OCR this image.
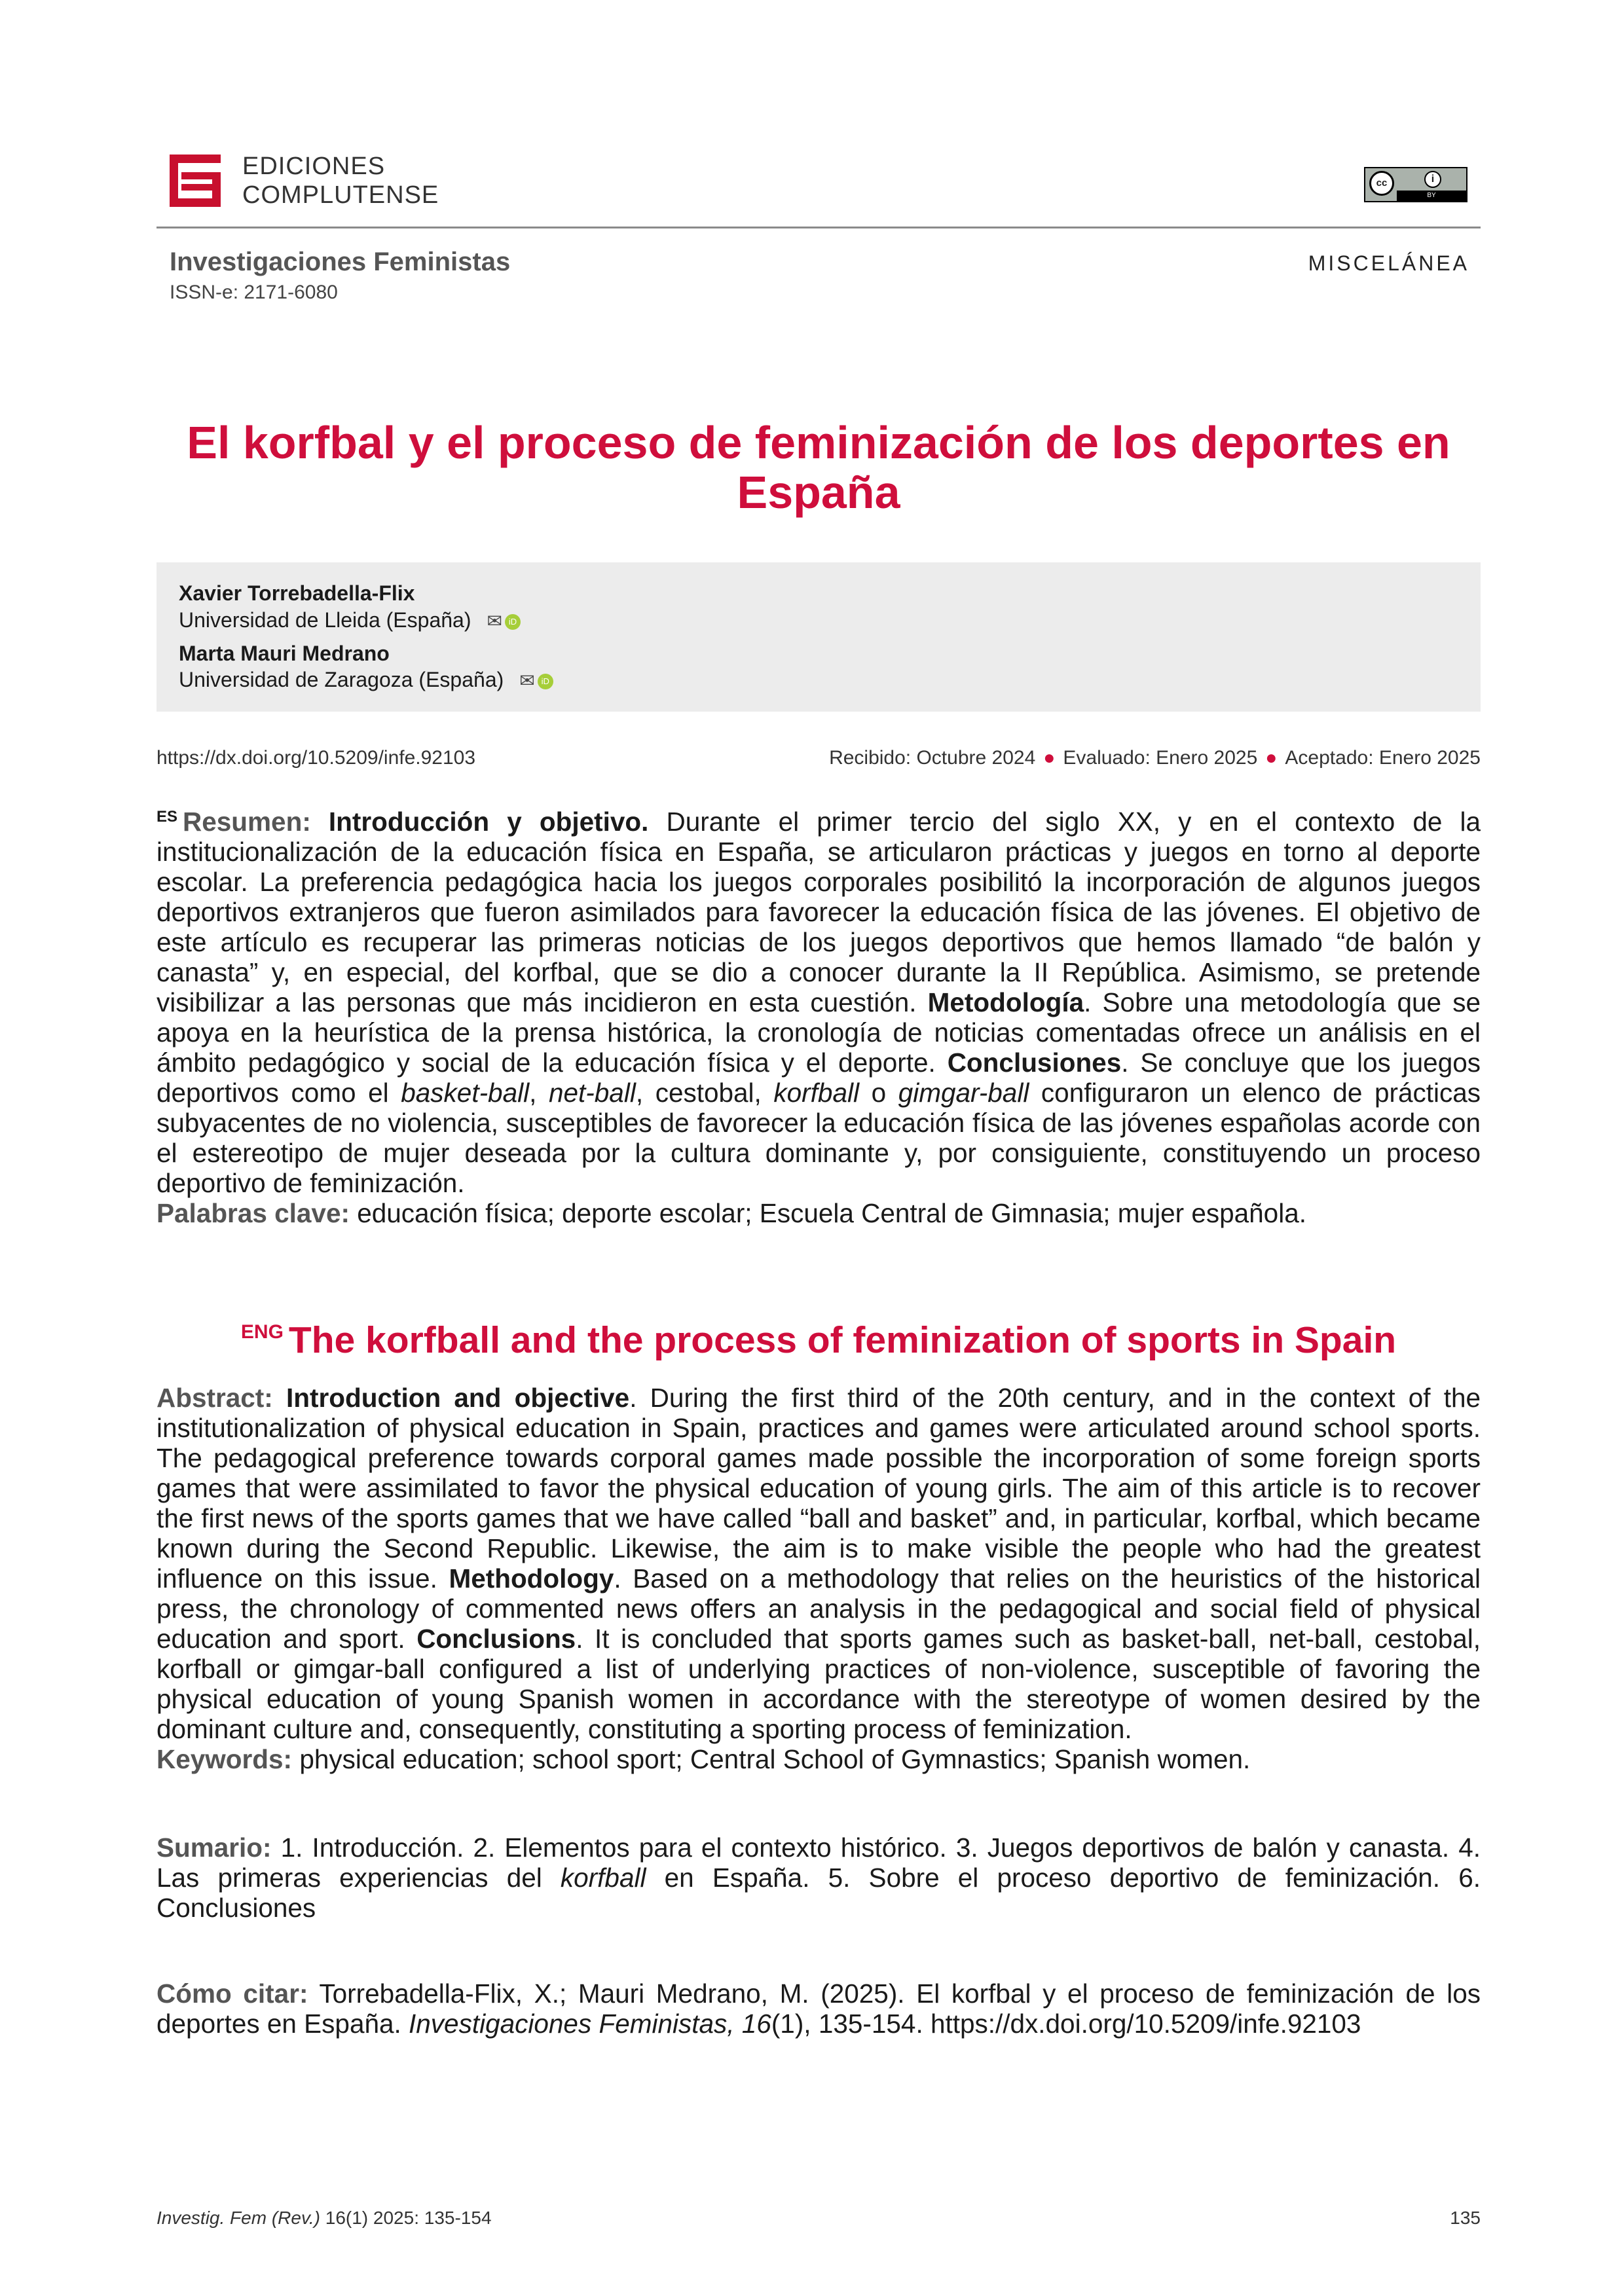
EDICIONES
COMPLUTENSE	cc	i
BY
Investigaciones Feministas
ISSN-e: 2171-6080
MISCELÁNEA
El korfbal y el proceso de feminización de los deportes en España
Xavier Torrebadella-Flix
Universidad de Lleida (España) ✉ iD
Marta Mauri Medrano
Universidad de Zaragoza (España) ✉ iD
https://dx.doi.org/10.5209/infe.92103	Recibido: Octubre 2024 ● Evaluado: Enero 2025 ● Aceptado: Enero 2025
$^{ES}$ Resumen: Introducción y objetivo. Durante el primer tercio del siglo XX, y en el contexto de la institucionalización de la educación física en España, se articularon prácticas y juegos en torno al deporte escolar. La preferencia pedagógica hacia los juegos corporales posibilitó la incorporación de algunos juegos deportivos extranjeros que fueron asimilados para favorecer la educación física de las jóvenes. El objetivo de este artículo es recuperar las primeras noticias de los juegos deportivos que hemos llamado “de balón y canasta” y, en especial, del korfbal, que se dio a conocer durante la II República. Asimismo, se pretende visibilizar a las personas que más incidieron en esta cuestión. Metodología. Sobre una metodología que se apoya en la heurística de la prensa histórica, la cronología de noticias comentadas ofrece un análisis en el ámbito pedagógico y social de la educación física y el deporte. Conclusiones. Se concluye que los juegos deportivos como el basket-ball, net-ball, cestobal, korfball o gimgar-ball configuraron un elenco de prácticas subyacentes de no violencia, susceptibles de favorecer la educación física de las jóvenes españolas acorde con el estereotipo de mujer deseada por la cultura dominante y, por consiguiente, constituyendo un proceso deportivo de feminización.
Palabras clave: educación física; deporte escolar; Escuela Central de Gimnasia; mujer española.
$^{ENG}$ The korfball and the process of feminization of sports in Spain
Abstract: Introduction and objective. During the first third of the 20th century, and in the context of the institutionalization of physical education in Spain, practices and games were articulated around school sports. The pedagogical preference towards corporal games made possible the incorporation of some foreign sports games that were assimilated to favor the physical education of young girls. The aim of this article is to recover the first news of the sports games that we have called “ball and basket” and, in particular, korfbal, which became known during the Second Republic. Likewise, the aim is to make visible the people who had the greatest influence on this issue. Methodology. Based on a methodology that relies on the heuristics of the historical press, the chronology of commented news offers an analysis in the pedagogical and social field of physical education and sport. Conclusions. It is concluded that sports games such as basket-ball, net-ball, cestobal, korfball or gimgar-ball configured a list of underlying practices of non-violence, susceptible of favoring the physical education of young Spanish women in accordance with the stereotype of women desired by the dominant culture and, consequently, constituting a sporting process of feminization.
Keywords: physical education; school sport; Central School of Gymnastics; Spanish women.
Sumario: 1. Introducción. 2. Elementos para el contexto histórico. 3. Juegos deportivos de balón y canasta. 4. Las primeras experiencias del korfball en España. 5. Sobre el proceso deportivo de feminización. 6. Conclusiones
Cómo citar: Torrebadella-Flix, X.; Mauri Medrano, M. (2025). El korfbal y el proceso de feminización de los deportes en España. Investigaciones Feministas, 16(1), 135-154. https://dx.doi.org/10.5209/infe.92103
Investig. Fem (Rev.) 16(1) 2025: 135-154	135
